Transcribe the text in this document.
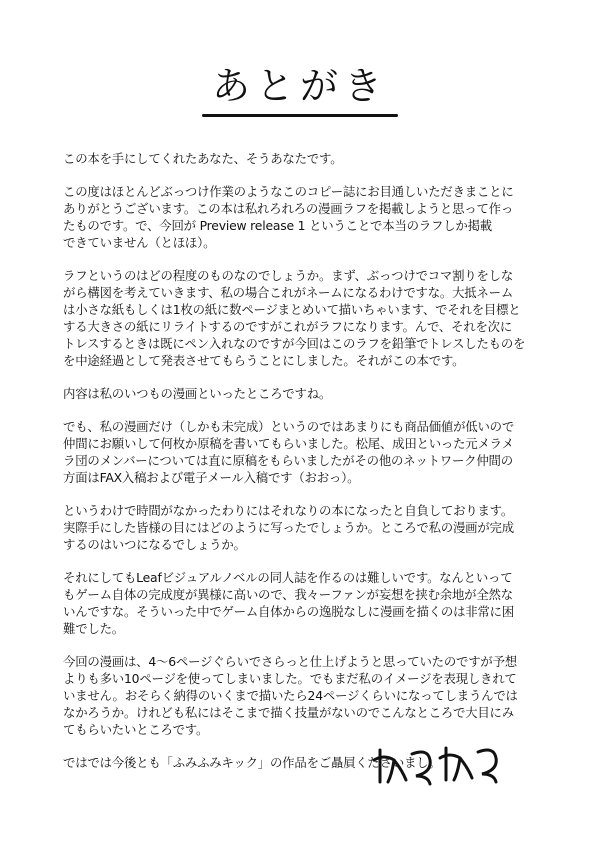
あとがき

この本を手にしてくれたあなた、そうあなたです。

この度はほとんどぶっつけ作業のようなこのコピー誌にお目通しいただきまことに
ありがとうございます。この本は私れろれろの漫画ラフを掲載しようと思って作っ
たものです。で、今回が Preview release 1 ということで本当のラフしか掲載
できていません（とほほ）。

ラフというのはどの程度のものなのでしょうか。まず、ぶっつけでコマ割りをしな
がら構図を考えていきます、私の場合これがネームになるわけですな。大抵ネーム
は小さな紙もしくは1枚の紙に数ページまとめいて描いちゃいます、でそれを目標と
する大きさの紙にリライトするのですがこれがラフになります。んで、それを次に
トレスするときは既にペン入れなのですが今回はこのラフを鉛筆でトレスしたものを
を中途経過として発表させてもらうことにしました。それがこの本です。

内容は私のいつもの漫画といったところですね。

でも、私の漫画だけ（しかも未完成）というのではあまりにも商品価値が低いので
仲間にお願いして何枚か原稿を書いてもらいました。松尾、成田といった元メラメ
ラ団のメンバーについては直に原稿をもらいましたがその他のネットワーク仲間の
方面はFAX入稿および電子メール入稿です（おおっ）。

というわけで時間がなかったわりにはそれなりの本になったと自負しております。
実際手にした皆様の目にはどのように写ったでしょうか。ところで私の漫画が完成
するのはいつになるでしょうか。

それにしてもLeafビジュアルノベルの同人誌を作るのは難しいです。なんといって
もゲーム自体の完成度が異様に高いので、我々ーファンが妄想を挟む余地が全然な
いんですな。そういった中でゲーム自体からの逸脱なしに漫画を描くのは非常に困
難でした。

今回の漫画は、4～6ページぐらいでさらっと仕上げようと思っていたのですが予想
よりも多い10ページを使ってしまいました。でもまだ私のイメージを表現しきれて
いません。おそらく納得のいくまで描いたら24ページくらいになってしまうんでは
なかろうか。けれども私にはそこまで描く技量がないのでこんなところで大目にみ
てもらいたいところです。

ではでは今後とも「ふみふみキック」の作品をご贔屓くださいまし。
